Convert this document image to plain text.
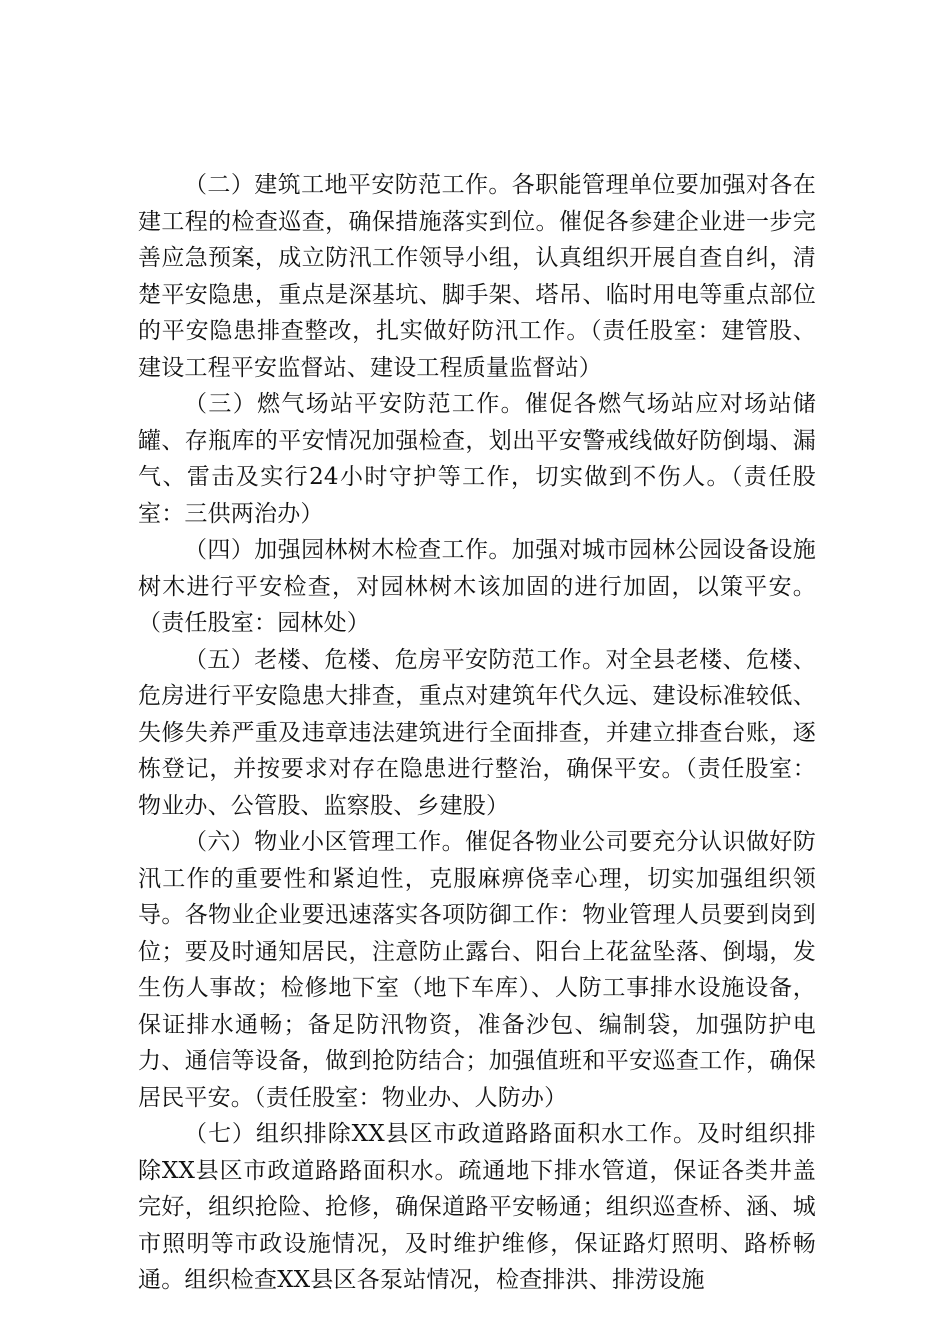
（二）建筑工地平安防范工作。各职能管理单位要加强对各在建工程的检查巡查，确保措施落实到位。催促各参建企业进一步完善应急预案，成立防汛工作领导小组，认真组织开展自查自纠，清楚平安隐患，重点是深基坑、脚手架、塔吊、临时用电等重点部位的平安隐患排查整改，扎实做好防汛工作。（责任股室：建管股、建设工程平安监督站、建设工程质量监督站）

（三）燃气场站平安防范工作。催促各燃气场站应对场站储罐、存瓶库的平安情况加强检查，划出平安警戒线做好防倒塌、漏气、雷击及实行24小时守护等工作，切实做到不伤人。（责任股室：三供两治办）

（四）加强园林树木检查工作。加强对城市园林公园设备设施树木进行平安检查，对园林树木该加固的进行加固，以策平安。（责任股室：园林处）

（五）老楼、危楼、危房平安防范工作。对全县老楼、危楼、危房进行平安隐患大排查，重点对建筑年代久远、建设标准较低、失修失养严重及违章违法建筑进行全面排查，并建立排查台账，逐栋登记，并按要求对存在隐患进行整治，确保平安。（责任股室：物业办、公管股、监察股、乡建股）

（六）物业小区管理工作。催促各物业公司要充分认识做好防汛工作的重要性和紧迫性，克服麻痹侥幸心理，切实加强组织领导。各物业企业要迅速落实各项防御工作：物业管理人员要到岗到位；要及时通知居民，注意防止露台、阳台上花盆坠落、倒塌，发生伤人事故；检修地下室（地下车库）、人防工事排水设施设备，保证排水通畅；备足防汛物资，准备沙包、编制袋，加强防护电力、通信等设备，做到抢防结合；加强值班和平安巡查工作，确保居民平安。（责任股室：物业办、人防办）

（七）组织排除XX县区市政道路路面积水工作。及时组织排除XX县区市政道路路面积水。疏通地下排水管道，保证各类井盖完好，组织抢险、抢修，确保道路平安畅通；组织巡查桥、涵、城市照明等市政设施情况，及时维护维修，保证路灯照明、路桥畅通。组织检查XX县区各泵站情况，检查排洪、排涝设施
